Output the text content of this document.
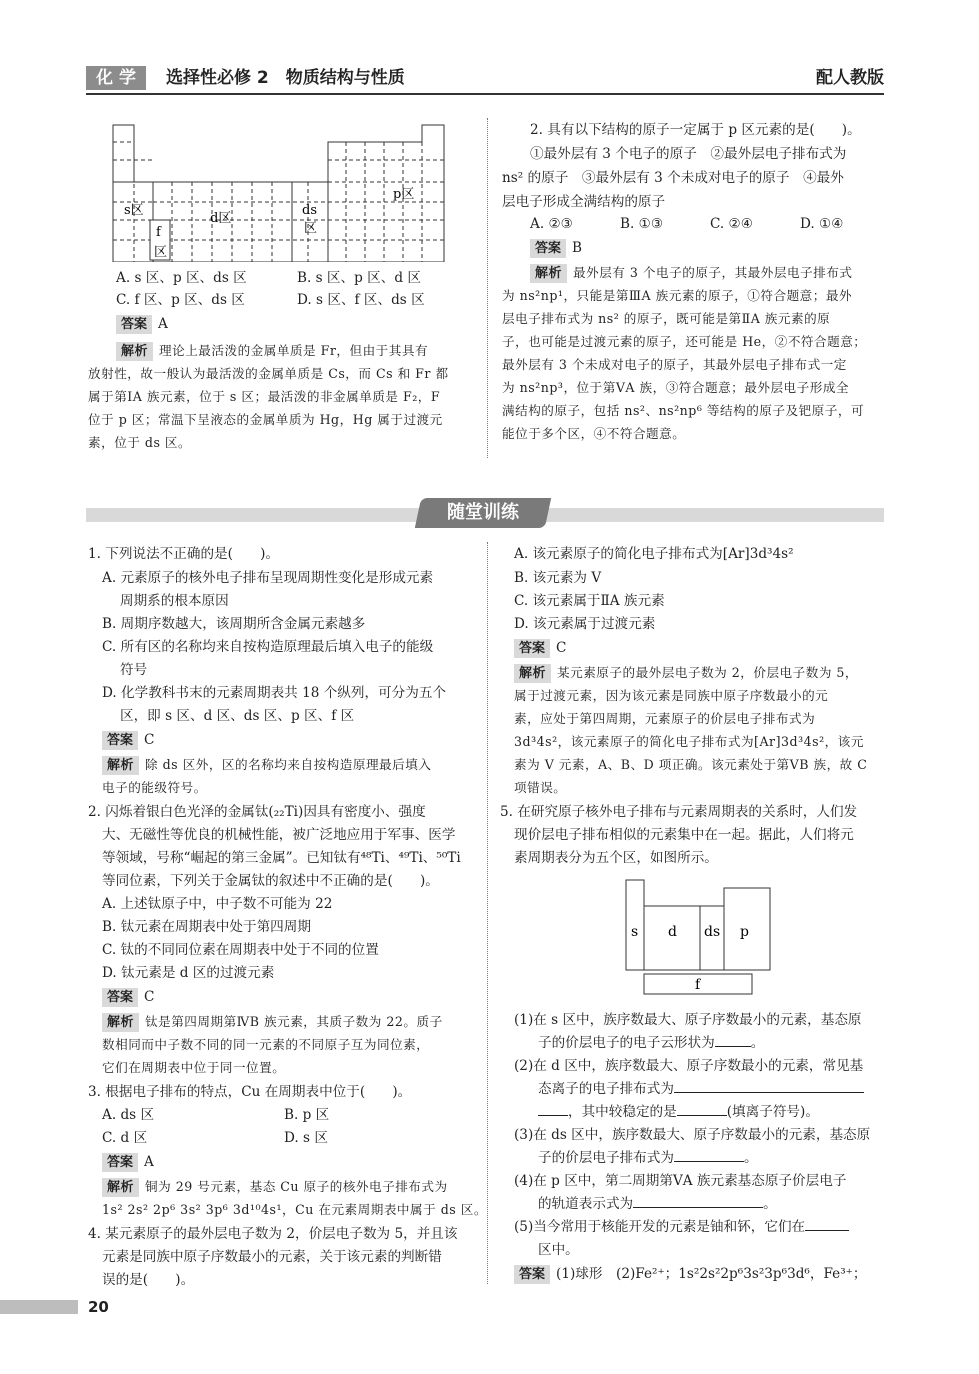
化 学	选择性必修 2　物质结构与性质	配人教版
s区
d区
ds
区
p区
f
区
A. s 区、p 区、ds 区	B. s 区、p 区、d 区
C. f 区、p 区、ds 区	D. s 区、f 区、ds 区
答案 A
解析 理论上最活泼的金属单质是 Fr，但由于其具有
放射性，故一般认为最活泼的金属单质是 Cs，而 Cs 和 Fr 都
属于第ⅠA 族元素，位于 s 区；最活泼的非金属单质是 F₂，F
位于 p 区；常温下呈液态的金属单质为 Hg，Hg 属于过渡元
素，位于 ds 区。
2. 具有以下结构的原子一定属于 p 区元素的是(　　)。
①最外层有 3 个电子的原子　②最外层电子排布式为
ns² 的原子　③最外层有 3 个未成对电子的原子　④最外
层电子形成全满结构的原子
A. ②③	B. ①③	C. ②④	D. ①④
答案 B
解析 最外层有 3 个电子的原子，其最外层电子排布式
为 ns²np¹，只能是第ⅢA 族元素的原子，①符合题意；最外
层电子排布式为 ns² 的原子，既可能是第ⅡA 族元素的原
子，也可能是过渡元素的原子，还可能是 He，②不符合题意；
最外层有 3 个未成对电子的原子，其最外层电子排布式一定
为 ns²np³，位于第ⅤA 族，③符合题意；最外层电子形成全
满结构的原子，包括 ns²、ns²np⁶ 等结构的原子及钯原子，可
能位于多个区，④不符合题意。
随堂训练
1. 下列说法不正确的是(　　)。
A. 元素原子的核外电子排布呈现周期性变化是形成元素
周期系的根本原因
B. 周期序数越大，该周期所含金属元素越多
C. 所有区的名称均来自按构造原理最后填入电子的能级
符号
D. 化学教科书末的元素周期表共 18 个纵列，可分为五个
区，即 s 区、d 区、ds 区、p 区、f 区
答案 C
解析 除 ds 区外，区的名称均来自按构造原理最后填入
电子的能级符号。
2. 闪烁着银白色光泽的金属钛(₂₂Ti)因具有密度小、强度
大、无磁性等优良的机械性能，被广泛地应用于军事、医学
等领域，号称“崛起的第三金属”。已知钛有⁴⁸Ti、⁴⁹Ti、⁵⁰Ti
等同位素，下列关于金属钛的叙述中不正确的是(　　)。
A. 上述钛原子中，中子数不可能为 22
B. 钛元素在周期表中处于第四周期
C. 钛的不同同位素在周期表中处于不同的位置
D. 钛元素是 d 区的过渡元素
答案 C
解析 钛是第四周期第ⅣB 族元素，其质子数为 22。质子
数相同而中子数不同的同一元素的不同原子互为同位素，
它们在周期表中位于同一位置。
3. 根据电子排布的特点，Cu 在周期表中位于(　　)。
A. ds 区	B. p 区
C. d 区	D. s 区
答案 A
解析 铜为 29 号元素，基态 Cu 原子的核外电子排布式为
1s² 2s² 2p⁶ 3s² 3p⁶ 3d¹⁰4s¹，Cu 在元素周期表中属于 ds 区。
4. 某元素原子的最外层电子数为 2，价层电子数为 5，并且该
元素是同族中原子序数最小的元素，关于该元素的判断错
误的是(　　)。
A. 该元素原子的简化电子排布式为[Ar]3d³4s²
B. 该元素为 V
C. 该元素属于ⅡA 族元素
D. 该元素属于过渡元素
答案 C
解析 某元素原子的最外层电子数为 2，价层电子数为 5，
属于过渡元素，因为该元素是同族中原子序数最小的元
素，应处于第四周期，元素原子的价层电子排布式为
3d³4s²，该元素原子的简化电子排布式为[Ar]3d³4s²，该元
素为 V 元素，A、B、D 项正确。该元素处于第ⅤB 族，故 C
项错误。
5. 在研究原子核外电子排布与元素周期表的关系时，人们发
现价层电子排布相似的元素集中在一起。据此，人们将元
素周期表分为五个区，如图所示。
s d ds p
f
(1)在 s 区中，族序数最大、原子序数最小的元素，基态原
子的价层电子的电子云形状为	。
(2)在 d 区中，族序数最大、原子序数最小的元素，常见基
态离子的电子排布式为
，其中较稳定的是	(填离子符号)。
(3)在 ds 区中，族序数最大、原子序数最小的元素，基态原
子的价层电子排布式为	。
(4)在 p 区中，第二周期第ⅤA 族元素基态原子价层电子
的轨道表示式为	。
(5)当今常用于核能开发的元素是铀和钚，它们在
区中。
答案 (1)球形　(2)Fe²⁺；1s²2s²2p⁶3s²3p⁶3d⁶，Fe³⁺；
20
